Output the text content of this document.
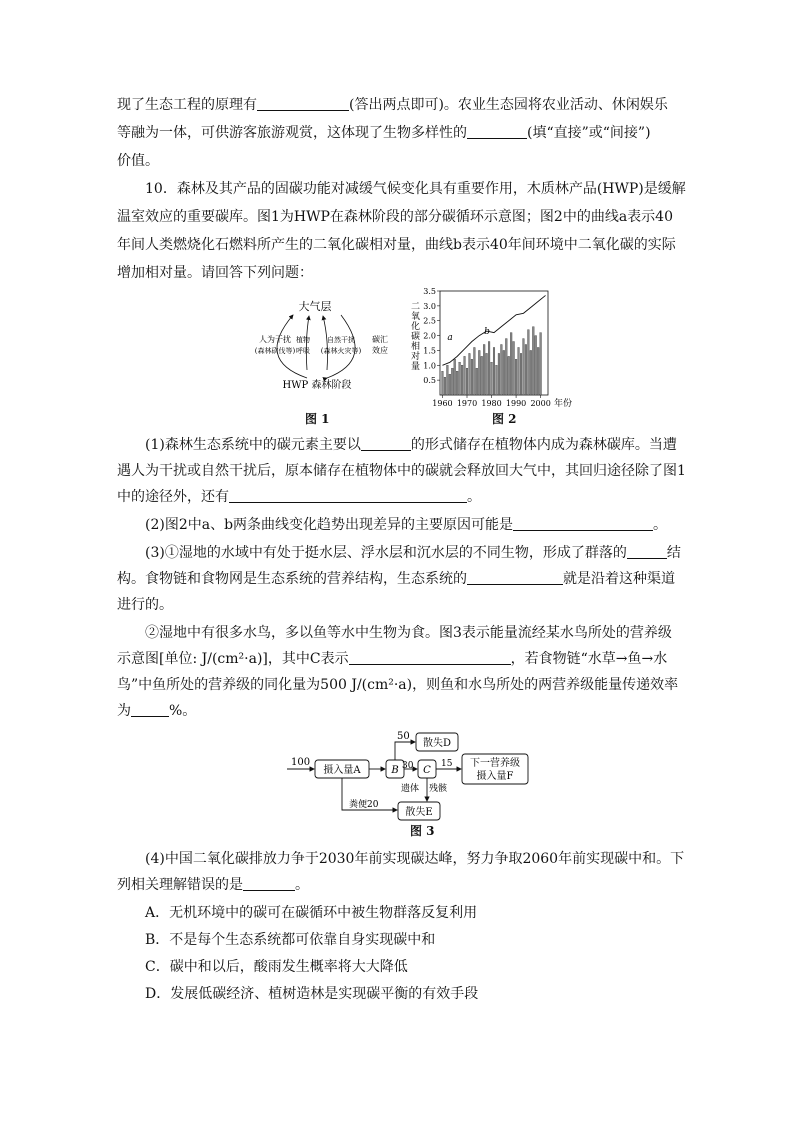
现了生态工程的原理有	(答出两点即可)。农业生态园将农业活动、休闲娱乐
等融为一体，可供游客旅游观赏，这体现了生物多样性的	(填“直接”或“间接”)
价值。
10．森林及其产品的固碳功能对减缓气候变化具有重要作用，木质林产品(HWP)是缓解
温室效应的重要碳库。图1为HWP在森林阶段的部分碳循环示意图；图2中的曲线a表示40
年间人类燃烧化石燃料所产生的二氧化碳相对量，曲线b表示40年间环境中二氧化碳的实际
增加相对量。请回答下列问题：
大气层
HWP 森林阶段
人为干扰
(森林砍伐等)
植物
呼吸
自然干扰
(森林火灾等)
碳汇
效应
图 1
3.5
3.0
2.5
2.0
1.5
1.0
0.5
1960 1970 1980 1990 2000 年份
二氧化碳相对量	a
b
图 2
(1)森林生态系统中的碳元素主要以	的形式储存在植物体内成为森林碳库。当遭
遇人为干扰或自然干扰后，原本储存在植物体中的碳就会释放回大气中，其回归途径除了图1
中的途径外，还有	。
(2)图2中a、b两条曲线变化趋势出现差异的主要原因可能是	。
(3)①湿地的水域中有处于挺水层、浮水层和沉水层的不同生物，形成了群落的	结
构。食物链和食物网是生态系统的营养结构，生态系统的	就是沿着这种渠道
进行的。
②湿地中有很多水鸟，多以鱼等水中生物为食。图3表示能量流经某水鸟所处的营养级
示意图[单位: J/(cm²·a)]，其中C表示	，若食物链“水草→鱼→水
鸟”中鱼所处的营养级的同化量为500 J/(cm²·a)，则鱼和水鸟所处的两营养级能量传递效率
为	%。
100
摄入量A	B C
50
散失D
30	15 下一营养级
摄入量F
残骸
遗体
粪便20
散失E
图 3
(4)中国二氧化碳排放力争于2030年前实现碳达峰，努力争取2060年前实现碳中和。下
列相关理解错误的是	。
A．无机环境中的碳可在碳循环中被生物群落反复利用
B．不是每个生态系统都可依靠自身实现碳中和
C．碳中和以后，酸雨发生概率将大大降低
D．发展低碳经济、植树造林是实现碳平衡的有效手段
